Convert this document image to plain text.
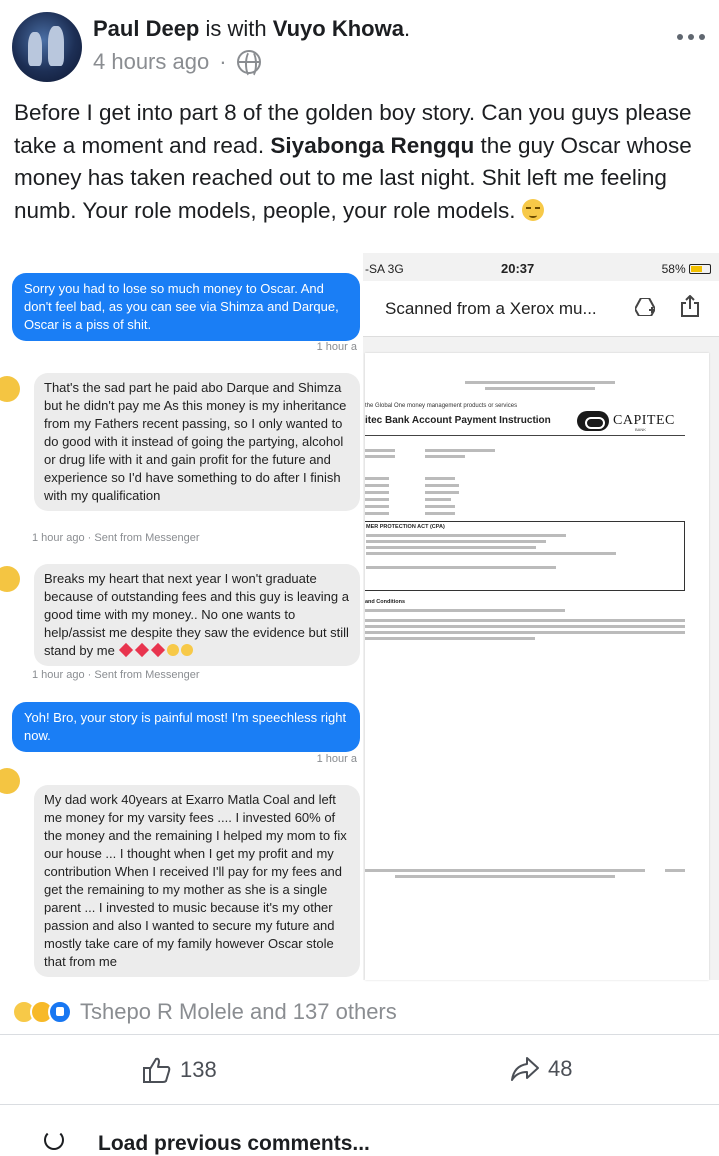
Paul Deep is with Vuyo Khowa.
4 hours ago ·
Before I get into part 8 of the golden boy story. Can you guys please take a moment and read. Siyabonga Rengqu the guy Oscar whose money has taken reached out to me last night. Shit left me feeling numb. Your role models, people, your role models.
Sorry you had to lose so much money to Oscar. And don't feel bad, as you can see via Shimza and Darque, Oscar is a piss of shit.
1 hour a
That's the sad part he paid abo Darque and Shimza but he didn't pay me As this money is my inheritance from my Fathers recent passing, so I only wanted to do good with it instead of going the partying, alcohol or drug life with it and gain profit for the future and experience so I'd have something to do after I finish with my qualification
1 hour ago · Sent from Messenger
Breaks my heart that next year I won't graduate because of outstanding fees and this guy is leaving a good time with my money.. No one wants to help/assist me despite they saw the evidence but still stand by me
1 hour ago · Sent from Messenger
Yoh! Bro, your story is painful most! I'm speechless right now.
1 hour a
My dad work 40years at Exarro Matla Coal and left me money for my varsity fees .... I invested 60% of the money and the remaining I helped my mom to fix our house ... I thought when I get my profit and my contribution When I received I'll pay for my fees and get the remaining to my mother as she is a single parent ... I invested to music because it's my other passion and also I wanted to secure my future and mostly take care of my family however Oscar stole that from me
-SA 3G	20:37	58%
Scanned from a Xerox mu...
the Global One money management products or services
itec Bank Account Payment Instruction	CAPITEC
BANK
MER PROTECTION ACT (CPA)
and Conditions
Tshepo R Molele and 137 others
138	48
Load previous comments...
